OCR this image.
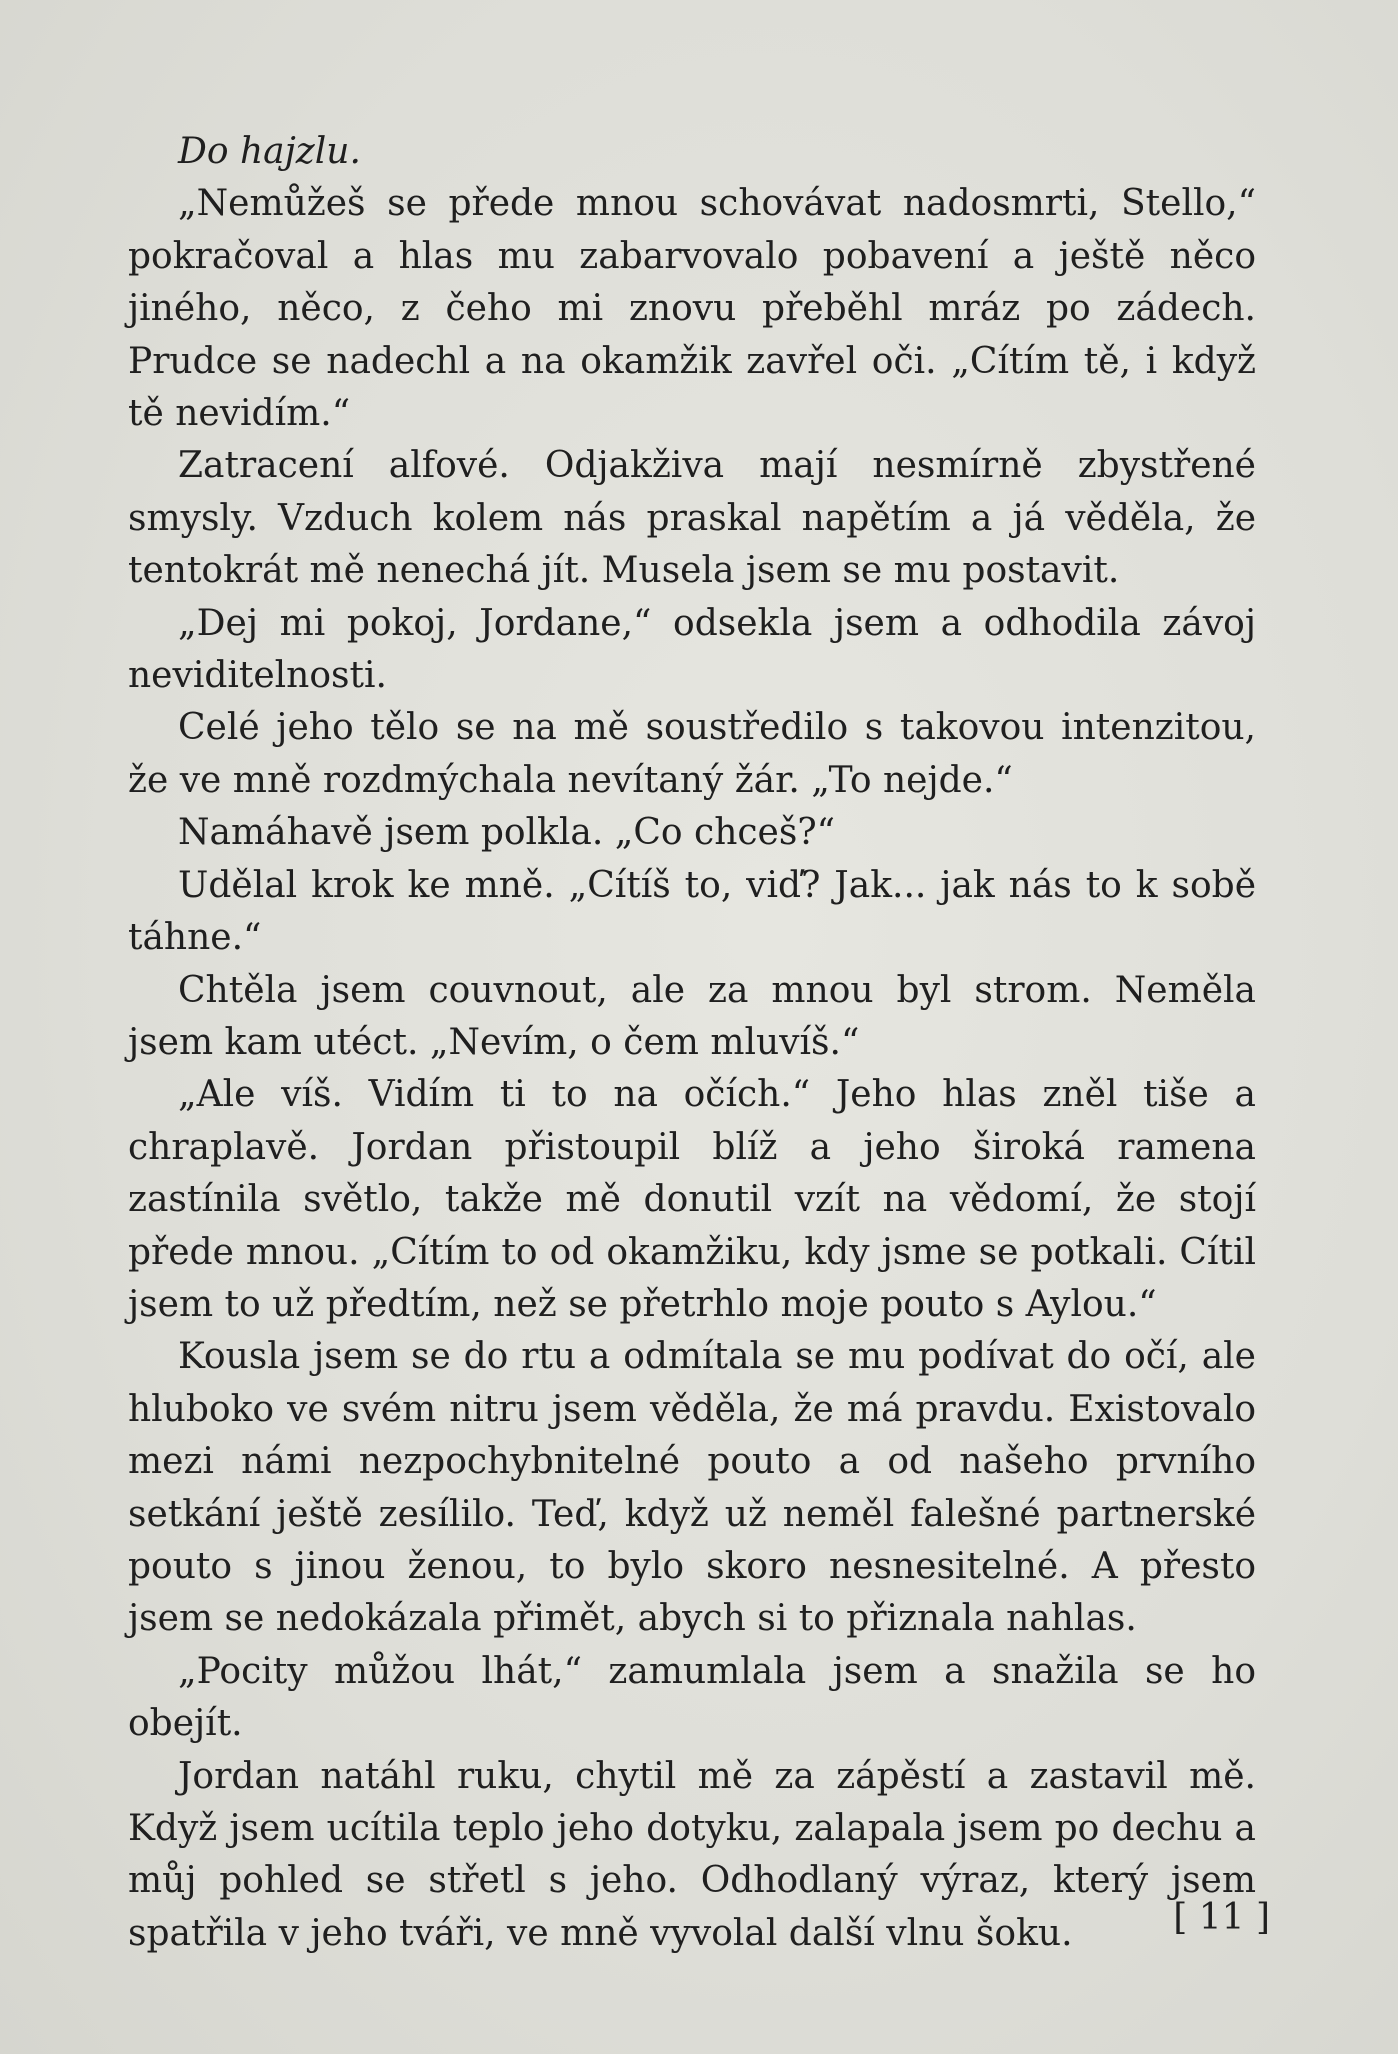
Do hajzlu.

„Nemůžeš se přede mnou schovávat nadosmrti, Stello,“ pokračoval a hlas mu zabarvovalo pobavení a ještě něco jiného, něco, z čeho mi znovu přeběhl mráz po zádech. Prudce se nadechl a na okamžik zavřel oči. „Cítím tě, i když tě nevidím.“

Zatracení alfové. Odjakživa mají nesmírně zbystřené smysly. Vzduch kolem nás praskal napětím a já věděla, že tentokrát mě nenechá jít. Musela jsem se mu postavit.

„Dej mi pokoj, Jordane,“ odsekla jsem a odhodila závoj neviditelnosti.

Celé jeho tělo se na mě soustředilo s takovou intenzitou, že ve mně rozdmýchala nevítaný žár. „To nejde.“

Namáhavě jsem polkla. „Co chceš?“

Udělal krok ke mně. „Cítíš to, viď? Jak... jak nás to k sobě táhne.“

Chtěla jsem couvnout, ale za mnou byl strom. Neměla jsem kam utéct. „Nevím, o čem mluvíš.“

„Ale víš. Vidím ti to na očích.“ Jeho hlas zněl tiše a chraplavě. Jordan přistoupil blíž a jeho široká ramena zastínila světlo, takže mě donutil vzít na vědomí, že stojí přede mnou. „Cítím to od okamžiku, kdy jsme se potkali. Cítil jsem to už předtím, než se přetrhlo moje pouto s Aylou.“

Kousla jsem se do rtu a odmítala se mu podívat do očí, ale hluboko ve svém nitru jsem věděla, že má pravdu. Existovalo mezi námi nezpochybnitelné pouto a od našeho prvního setkání ještě zesílilo. Teď, když už neměl falešné partnerské pouto s jinou ženou, to bylo skoro nesnesitelné. A přesto jsem se nedokázala přimět, abych si to přiznala nahlas.

„Pocity můžou lhát,“ zamumlala jsem a snažila se ho obejít.

Jordan natáhl ruku, chytil mě za zápěstí a zastavil mě. Když jsem ucítila teplo jeho dotyku, zalapala jsem po dechu a můj pohled se střetl s jeho. Odhodlaný výraz, který jsem spatřila v jeho tváři, ve mně vyvolal další vlnu šoku.	[ 11 ]
